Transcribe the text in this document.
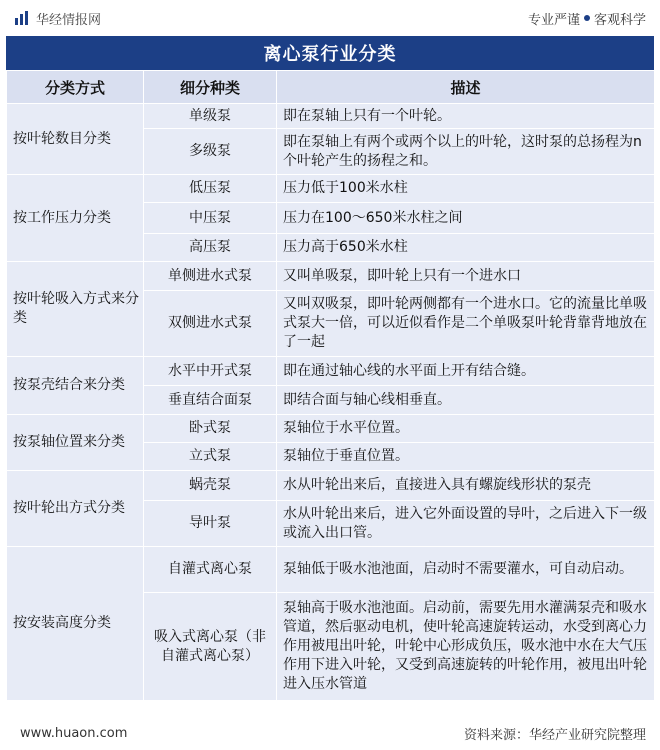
华经情报网	专业严谨 客观科学
离心泵行业分类
分类方式	细分种类	描述
按叶轮数目分类	单级泵	即在泵轴上只有一个叶轮。
	多级泵	即在泵轴上有两个或两个以上的叶轮，这时泵的总扬程为n个叶轮产生的扬程之和。
按工作压力分类	低压泵	压力低于100米水柱
	中压泵	压力在100～650米水柱之间
	高压泵	压力高于650米水柱
按叶轮吸入方式来分类	单侧进水式泵	又叫单吸泵，即叶轮上只有一个进水口
	双侧进水式泵	又叫双吸泵，即叶轮两侧都有一个进水口。它的流量比单吸式泵大一倍，可以近似看作是二个单吸泵叶轮背靠背地放在了一起
按泵壳结合来分类	水平中开式泵	即在通过轴心线的水平面上开有结合缝。
	垂直结合面泵	即结合面与轴心线相垂直。
按泵轴位置来分类	卧式泵	泵轴位于水平位置。
	立式泵	泵轴位于垂直位置。
按叶轮出方式分类	蜗壳泵	水从叶轮出来后，直接进入具有螺旋线形状的泵壳
	导叶泵	水从叶轮出来后，进入它外面设置的导叶，之后进入下一级或流入出口管。
按安装高度分类	自灌式离心泵	泵轴低于吸水池池面，启动时不需要灌水，可自动启动。
	吸入式离心泵（非自灌式离心泵）	泵轴高于吸水池池面。启动前，需要先用水灌满泵壳和吸水管道，然后驱动电机，使叶轮高速旋转运动，水受到离心力作用被甩出叶轮，叶轮中心形成负压，吸水池中水在大气压作用下进入叶轮，又受到高速旋转的叶轮作用，被甩出叶轮进入压水管道
www.huaon.com	资料来源：华经产业研究院整理
